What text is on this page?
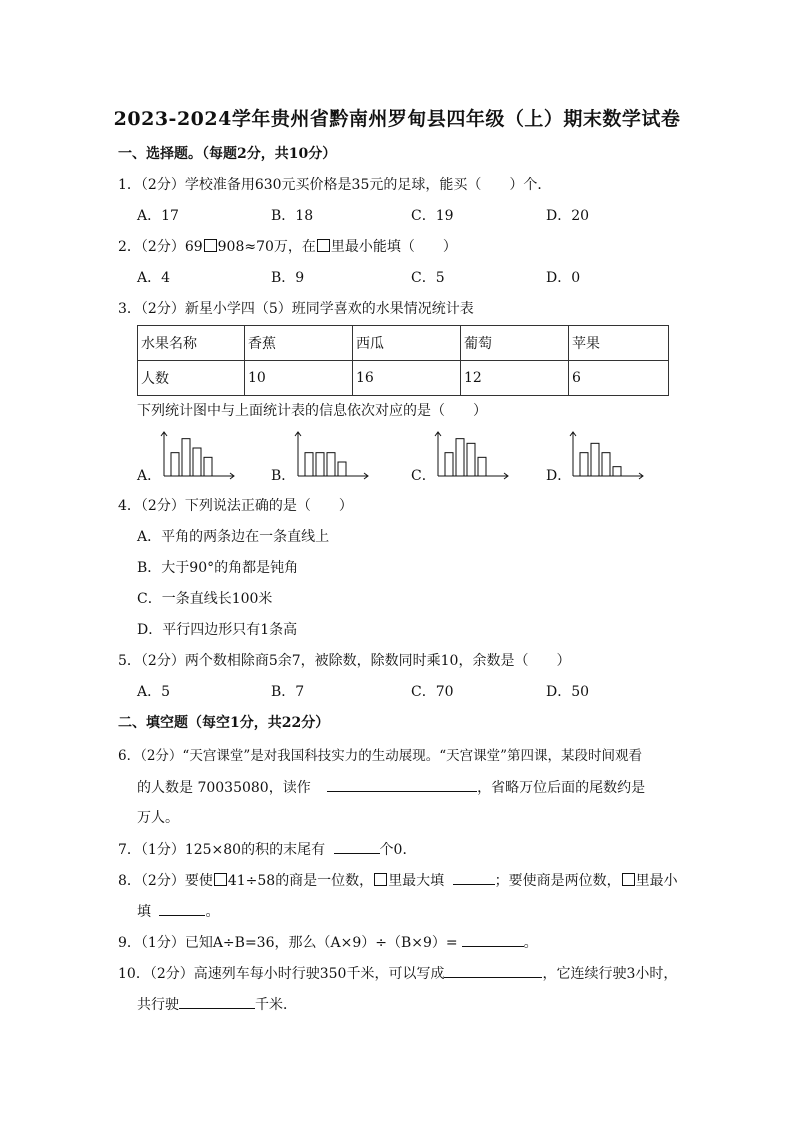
2023-2024学年贵州省黔南州罗甸县四年级（上）期末数学试卷
一、选择题。（每题2分，共10分）
1．（2分）学校准备用630元买价格是35元的足球，能买（　　）个．
A．17	B．18	C．19	D．20
2．（2分）69 908≈70万，在 里最小能填（　　）
A．4	B．9	C．5	D．0
3．（2分）新星小学四（5）班同学喜欢的水果情况统计表
水果名称	香蕉	西瓜	葡萄	苹果
人数	10	16	12	6
下列统计图中与上面统计表的信息依次对应的是（　　）
A．	B．	C．	D．
4．（2分）下列说法正确的是（　　）
A．平角的两条边在一条直线上
B．大于90°的角都是钝角
C．一条直线长100米
D．平行四边形只有1条高
5．（2分）两个数相除商5余7，被除数，除数同时乘10，余数是（　　）
A．5	B．7	C．70	D．50
二、填空题（每空1分，共22分）
6．（2分）“天宫课堂”是对我国科技实力的生动展现。“天宫课堂”第四课，某段时间观看
的人数是 70035080，读作	，省略万位后面的尾数约是
万人。
7．（1分）125×80的积的末尾有	个0．
8．（2分）要使 41÷58的商是一位数， 里最大填	；要使商是两位数， 里最小
填	。
9．（1分）已知A÷B=36，那么（A×9）÷（B×9）=	。
10．（2分）高速列车每小时行驶350千米，可以写成	，它连续行驶3小时，
共行驶	千米．
